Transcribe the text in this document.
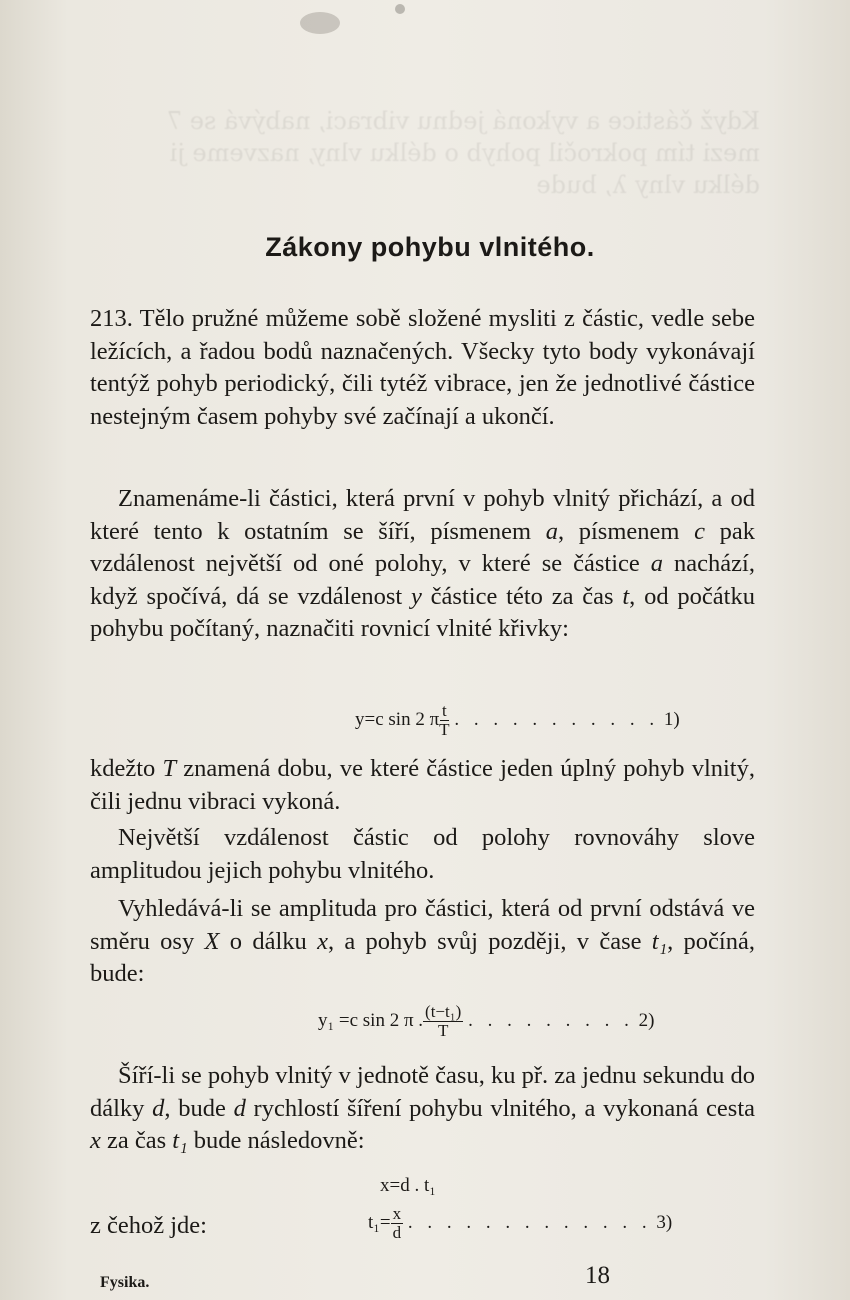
Když částice a vykoná jednu vibraci, nabývá se 7
mezi tím pokročil pohyb o délku vlny, nazveme ji
délku vlny λ, bude
Zákony pohybu vlnitého.
213. Tělo pružné můžeme sobě složené mysliti z částic, vedle sebe ležících, a řadou bodů naznačených. Všecky tyto body vykonávají tentýž pohyb periodický, čili tytéž vibrace, jen že jednotlivé částice nestejným časem pohyby své začínají a ukončí.
Znamenáme-li částici, která první v pohyb vlnitý přichází, a od které tento k ostatním se šíří, písmenem a, písmenem c pak vzdálenost největší od oné polohy, v které se částice a nachází, když spočívá, dá se vzdálenost y částice této za čas t, od počátku pohybu počítaný, naznačiti rovnicí vlnité křivky:
y=c sin 2 π $\frac{t}{T}$ . . . . . . . . . . . 1)
kdežto T znamená dobu, ve které částice jeden úplný pohyb vlnitý, čili jednu vibraci vykoná.
Největší vzdálenost částic od polohy rovnováhy slove amplitudou jejich pohybu vlnitého.
Vyhledává-li se amplituda pro částici, která od první odstává ve směru osy X o dálku x, a pohyb svůj později, v čase t₁, počíná, bude:
y₁ =c sin 2 π . $\frac{\text{(t−t₁)}}{T}$ . . . . . . . . . 2)
Šíří-li se pohyb vlnitý v jednotě času, ku př. za jednu sekundu do dálky d, bude d rychlostí šíření pohybu vlnitého, a vykonaná cesta x za čas t₁ bude následovně:
x=d . t₁
z čehož jde:	$t_1= \frac{x}{d}$ . . . . . . . . . . . . . 3)
Fysika.	18
